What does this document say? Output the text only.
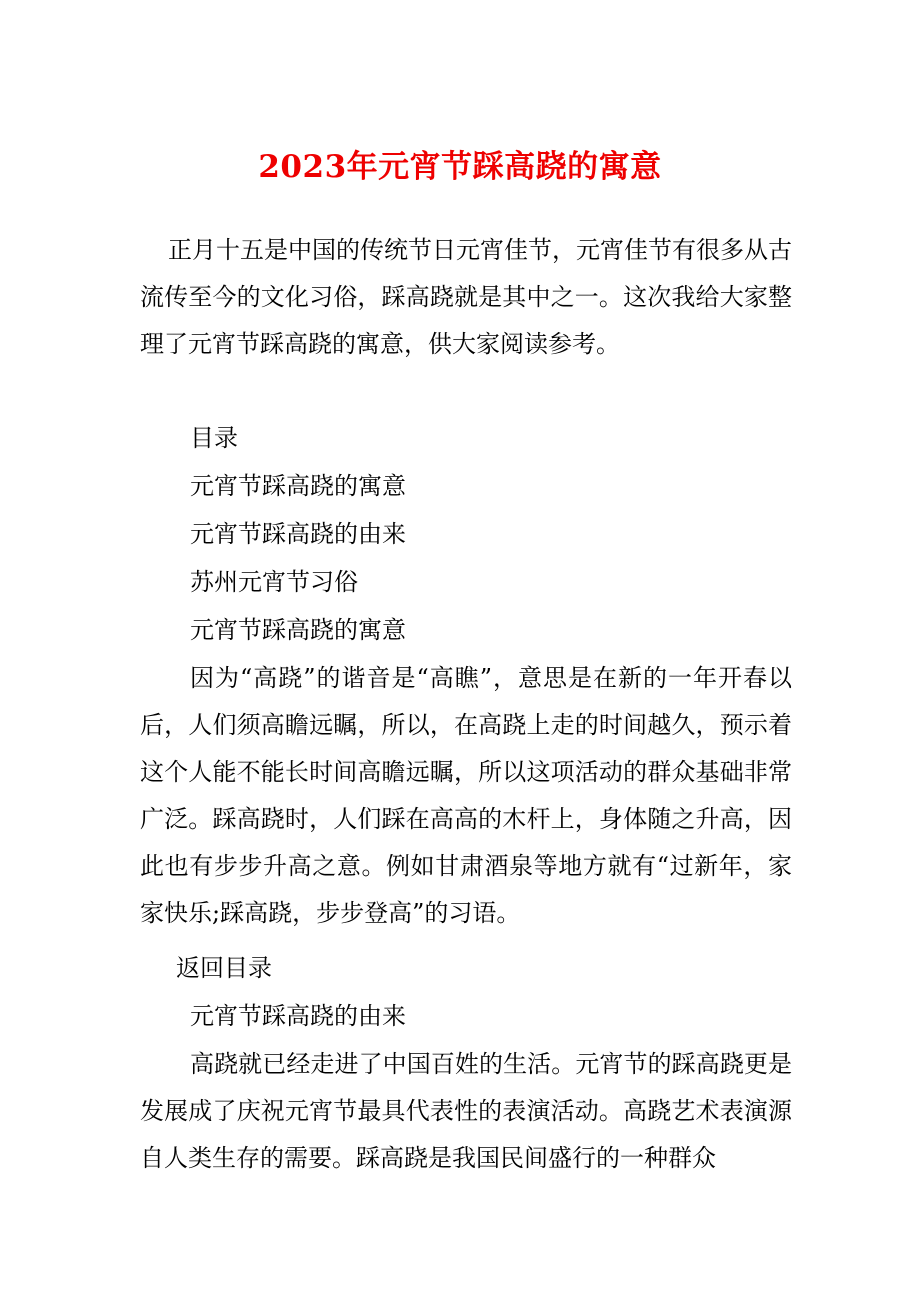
2023年元宵节踩高跷的寓意

正月十五是中国的传统节日元宵佳节，元宵佳节有很多从古流传至今的文化习俗，踩高跷就是其中之一。这次我给大家整理了元宵节踩高跷的寓意，供大家阅读参考。

目录
元宵节踩高跷的寓意
元宵节踩高跷的由来
苏州元宵节习俗
元宵节踩高跷的寓意

因为“高跷”的谐音是“高瞧”，意思是在新的一年开春以后，人们须高瞻远瞩，所以，在高跷上走的时间越久，预示着这个人能不能长时间高瞻远瞩，所以这项活动的群众基础非常广泛。踩高跷时，人们踩在高高的木杆上，身体随之升高，因此也有步步升高之意。例如甘肃酒泉等地方就有“过新年，家家快乐;踩高跷，步步登高”的习语。

返回目录
元宵节踩高跷的由来

高跷就已经走进了中国百姓的生活。元宵节的踩高跷更是发展成了庆祝元宵节最具代表性的表演活动。高跷艺术表演源自人类生存的需要。踩高跷是我国民间盛行的一种群众
